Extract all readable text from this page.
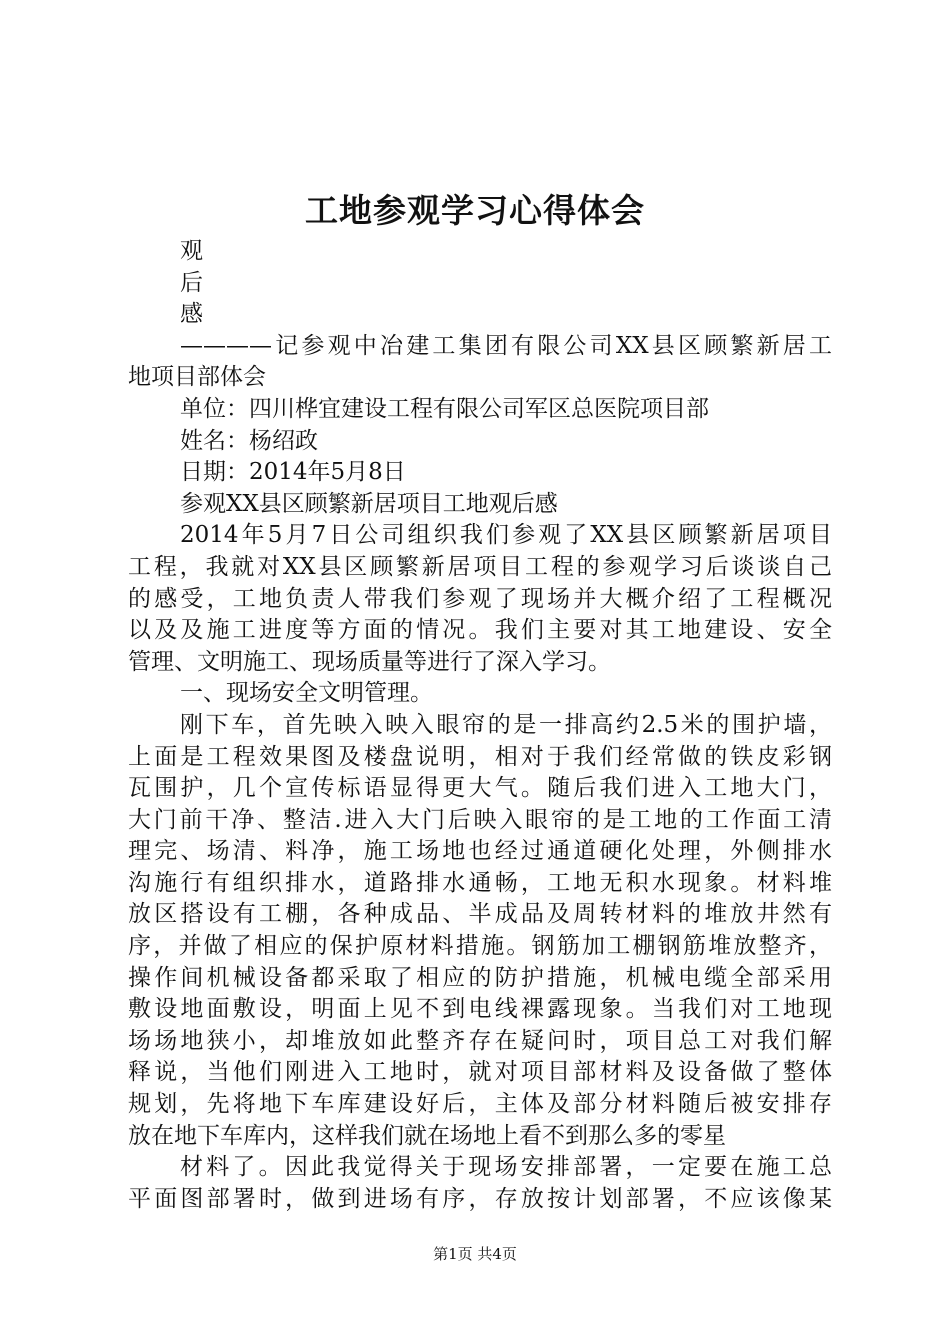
工地参观学习心得体会
观
后
感
————记参观中冶建工集团有限公司XX县区顾繁新居工
地项目部体会
单位：四川桦宜建设工程有限公司军区总医院项目部
姓名：杨绍政
日期：2014年5月8日
参观XX县区顾繁新居项目工地观后感
2014年5月7日公司组织我们参观了XX县区顾繁新居项目
工程，我就对XX县区顾繁新居项目工程的参观学习后谈谈自己
的感受，工地负责人带我们参观了现场并大概介绍了工程概况
以及及施工进度等方面的情况。我们主要对其工地建设、安全
管理、文明施工、现场质量等进行了深入学习。
一、现场安全文明管理。
刚下车，首先映入映入眼帘的是一排高约2.5米的围护墙，
上面是工程效果图及楼盘说明，相对于我们经常做的铁皮彩钢
瓦围护，几个宣传标语显得更大气。随后我们进入工地大门，
大门前干净、整洁.进入大门后映入眼帘的是工地的工作面工清
理完、场清、料净，施工场地也经过通道硬化处理，外侧排水
沟施行有组织排水，道路排水通畅，工地无积水现象。材料堆
放区搭设有工棚，各种成品、半成品及周转材料的堆放井然有
序，并做了相应的保护原材料措施。钢筋加工棚钢筋堆放整齐，
操作间机械设备都采取了相应的防护措施，机械电缆全部采用
敷设地面敷设，明面上见不到电线裸露现象。当我们对工地现
场场地狭小，却堆放如此整齐存在疑问时，项目总工对我们解
释说，当他们刚进入工地时，就对项目部材料及设备做了整体
规划，先将地下车库建设好后，主体及部分材料随后被安排存
放在地下车库内，这样我们就在场地上看不到那么多的零星
材料了。因此我觉得关于现场安排部署，一定要在施工总
平面图部署时，做到进场有序，存放按计划部署，不应该像某
第1页 共4页
